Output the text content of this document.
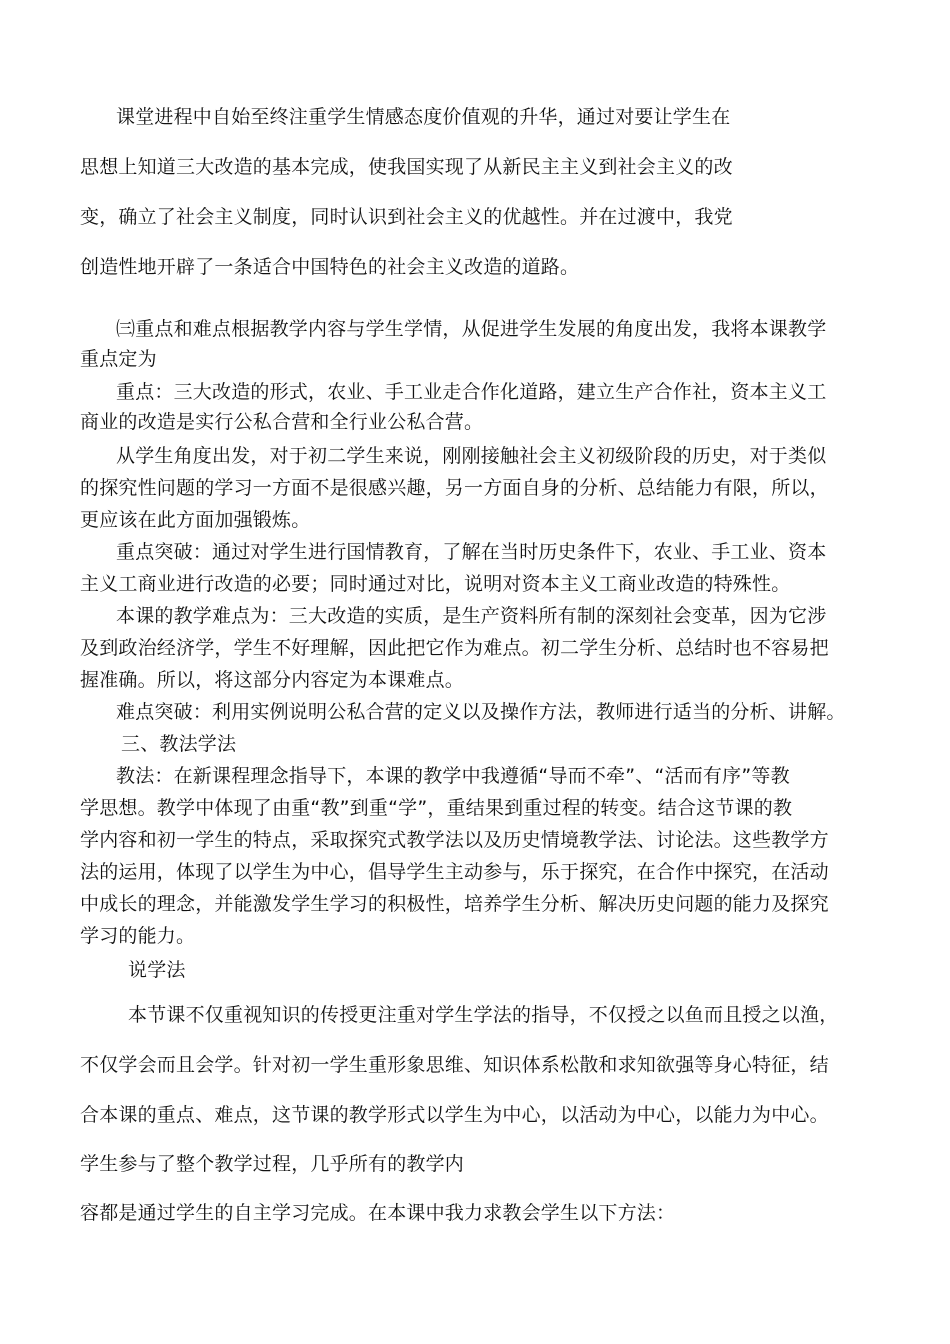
课堂进程中自始至终注重学生情感态度价值观的升华，通过对要让学生在
思想上知道三大改造的基本完成，使我国实现了从新民主主义到社会主义的改
变，确立了社会主义制度，同时认识到社会主义的优越性。并在过渡中，我党
创造性地开辟了一条适合中国特色的社会主义改造的道路。
㈢重点和难点根据教学内容与学生学情，从促进学生发展的角度出发，我将本课教学
重点定为
重点：三大改造的形式，农业、手工业走合作化道路，建立生产合作社，资本主义工
商业的改造是实行公私合营和全行业公私合营。
从学生角度出发，对于初二学生来说，刚刚接触社会主义初级阶段的历史，对于类似
的探究性问题的学习一方面不是很感兴趣，另一方面自身的分析、总结能力有限，所以，
更应该在此方面加强锻炼。
重点突破：通过对学生进行国情教育，了解在当时历史条件下，农业、手工业、资本
主义工商业进行改造的必要；同时通过对比，说明对资本主义工商业改造的特殊性。
本课的教学难点为：三大改造的实质，是生产资料所有制的深刻社会变革，因为它涉
及到政治经济学，学生不好理解，因此把它作为难点。初二学生分析、总结时也不容易把
握准确。所以，将这部分内容定为本课难点。
难点突破：利用实例说明公私合营的定义以及操作方法，教师进行适当的分析、讲解。
三、教法学法
教法：在新课程理念指导下，本课的教学中我遵循“导而不牵”、“活而有序”等教
学思想。教学中体现了由重“教”到重“学”，重结果到重过程的转变。结合这节课的教
学内容和初一学生的特点，采取探究式教学法以及历史情境教学法、讨论法。这些教学方
法的运用，体现了以学生为中心，倡导学生主动参与，乐于探究，在合作中探究，在活动
中成长的理念，并能激发学生学习的积极性，培养学生分析、解决历史问题的能力及探究
学习的能力。
说学法
本节课不仅重视知识的传授更注重对学生学法的指导，不仅授之以鱼而且授之以渔，
不仅学会而且会学。针对初一学生重形象思维、知识体系松散和求知欲强等身心特征，结
合本课的重点、难点，这节课的教学形式以学生为中心，以活动为中心，以能力为中心。
学生参与了整个教学过程，几乎所有的教学内
容都是通过学生的自主学习完成。在本课中我力求教会学生以下方法：
